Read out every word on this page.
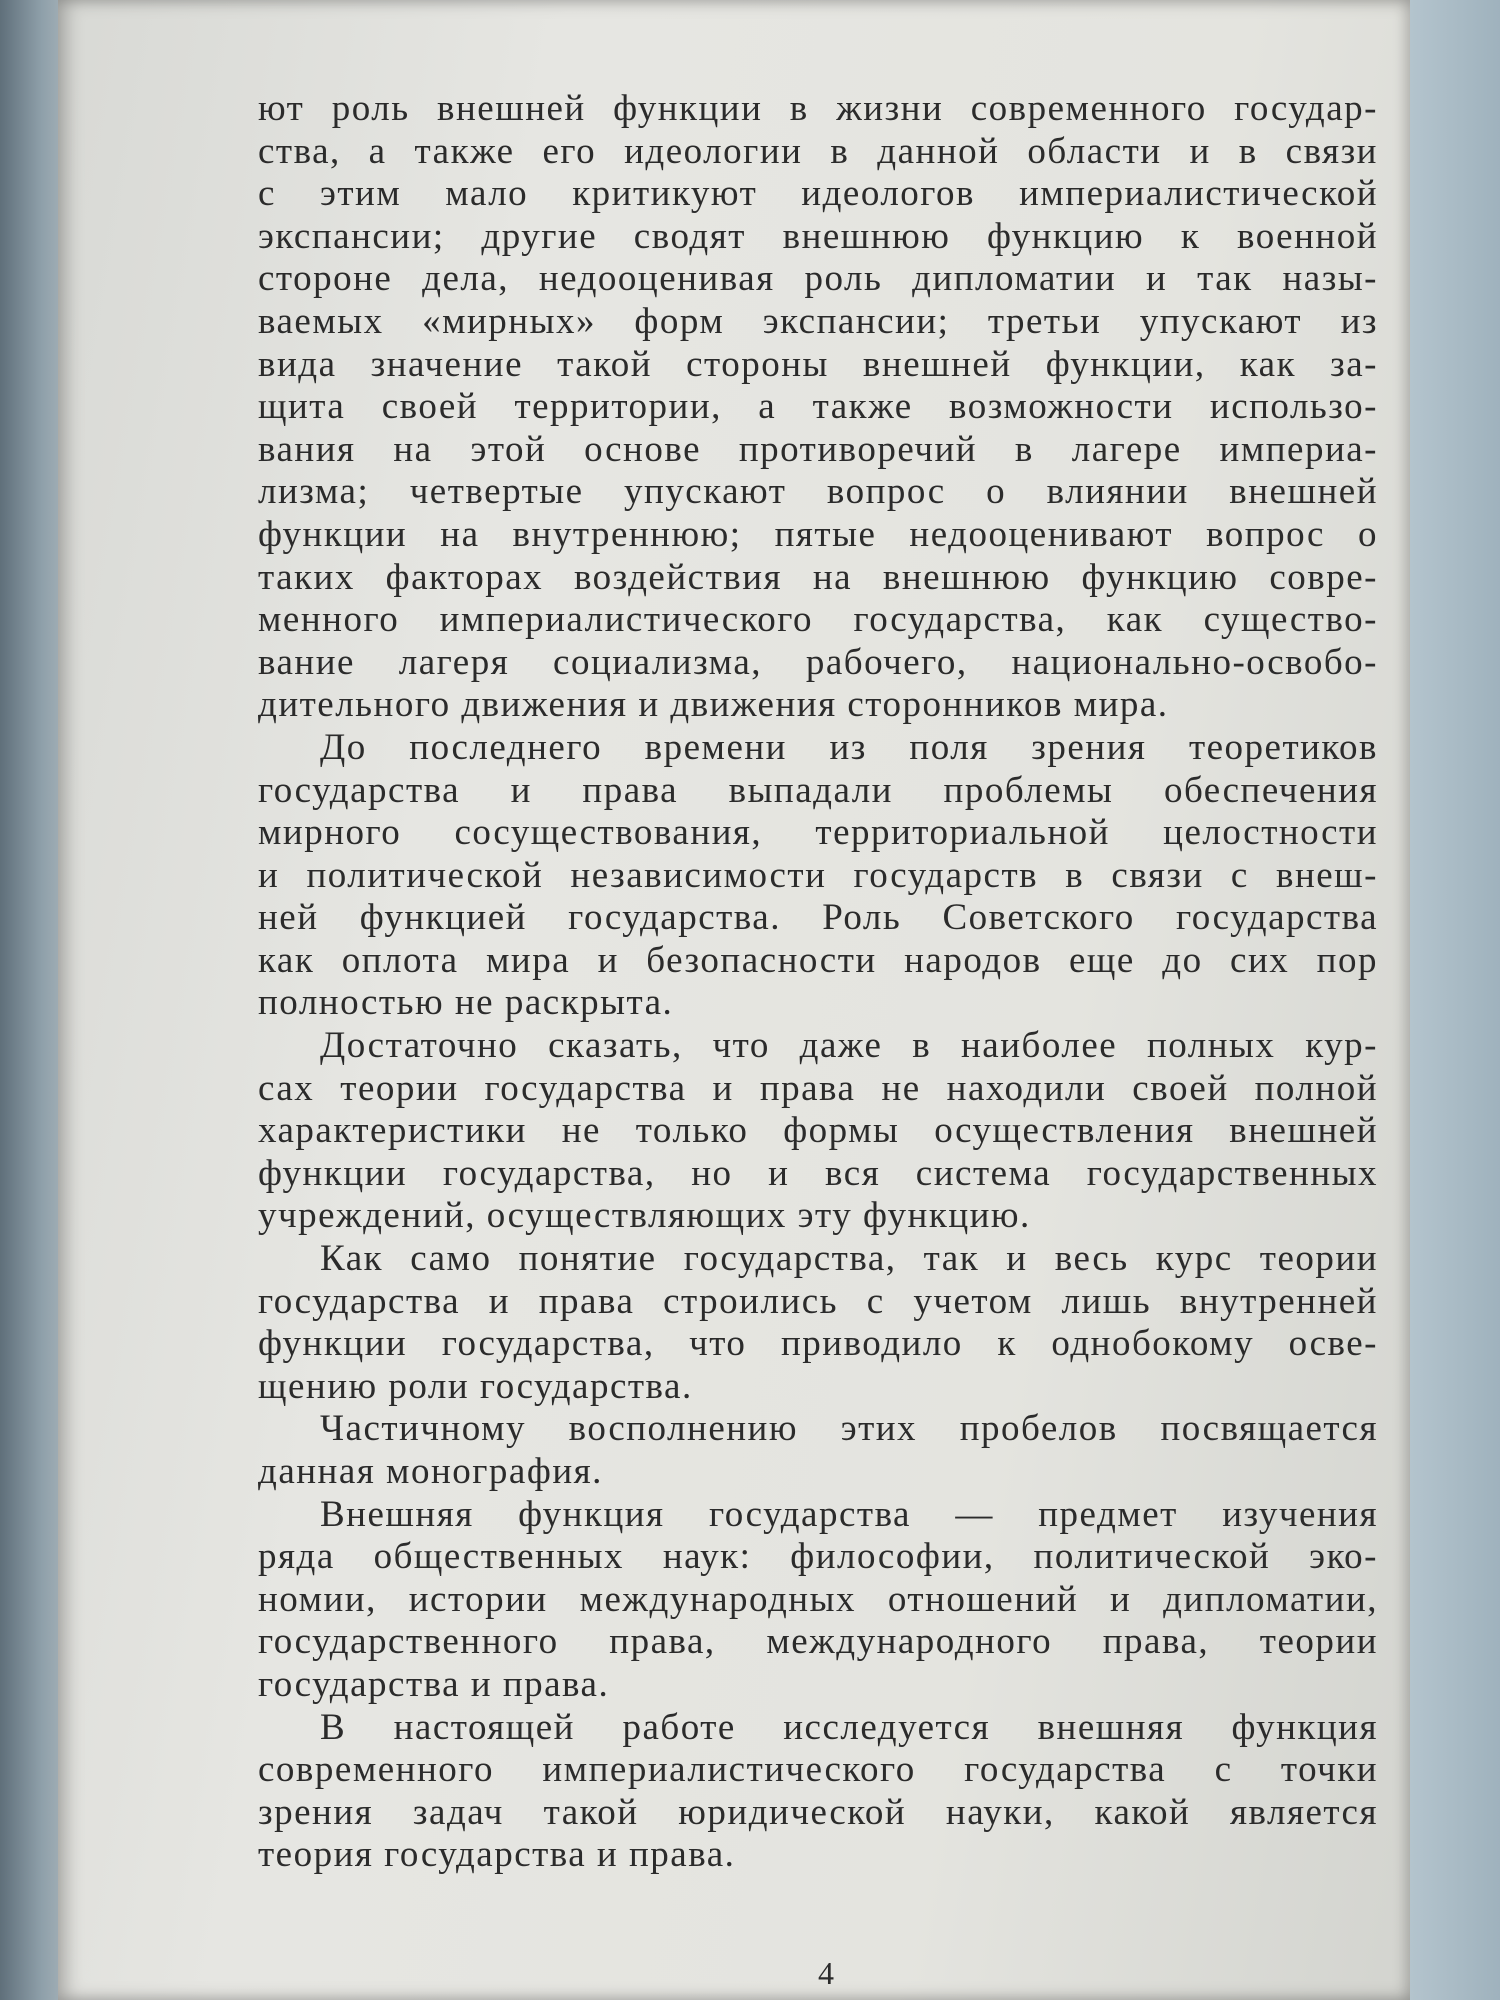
ют роль внешней функции в жизни современного государ-
ства, а также его идеологии в данной области и в связи
с этим мало критикуют идеологов империалистической
экспансии; другие сводят внешнюю функцию к военной
стороне дела, недооценивая роль дипломатии и так назы-
ваемых «мирных» форм экспансии; третьи упускают из
вида значение такой стороны внешней функции, как за-
щита своей территории, а также возможности использо-
вания на этой основе противоречий в лагере империа-
лизма; четвертые упускают вопрос о влиянии внешней
функции на внутреннюю; пятые недооценивают вопрос о
таких факторах воздействия на внешнюю функцию совре-
менного империалистического государства, как существо-
вание лагеря социализма, рабочего, национально-освобо-
дительного движения и движения сторонников мира.
До последнего времени из поля зрения теоретиков
государства и права выпадали проблемы обеспечения
мирного сосуществования, территориальной целостности
и политической независимости государств в связи с внеш-
ней функцией государства. Роль Советского государства
как оплота мира и безопасности народов еще до сих пор
полностью не раскрыта.
Достаточно сказать, что даже в наиболее полных кур-
сах теории государства и права не находили своей полной
характеристики не только формы осуществления внешней
функции государства, но и вся система государственных
учреждений, осуществляющих эту функцию.
Как само понятие государства, так и весь курс теории
государства и права строились с учетом лишь внутренней
функции государства, что приводило к однобокому осве-
щению роли государства.
Частичному восполнению этих пробелов посвящается
данная монография.
Внешняя функция государства — предмет изучения
ряда общественных наук: философии, политической эко-
номии, истории международных отношений и дипломатии,
государственного права, международного права, теории
государства и права.
В настоящей работе исследуется внешняя функция
современного империалистического государства с точки
зрения задач такой юридической науки, какой является
теория государства и права.
4
